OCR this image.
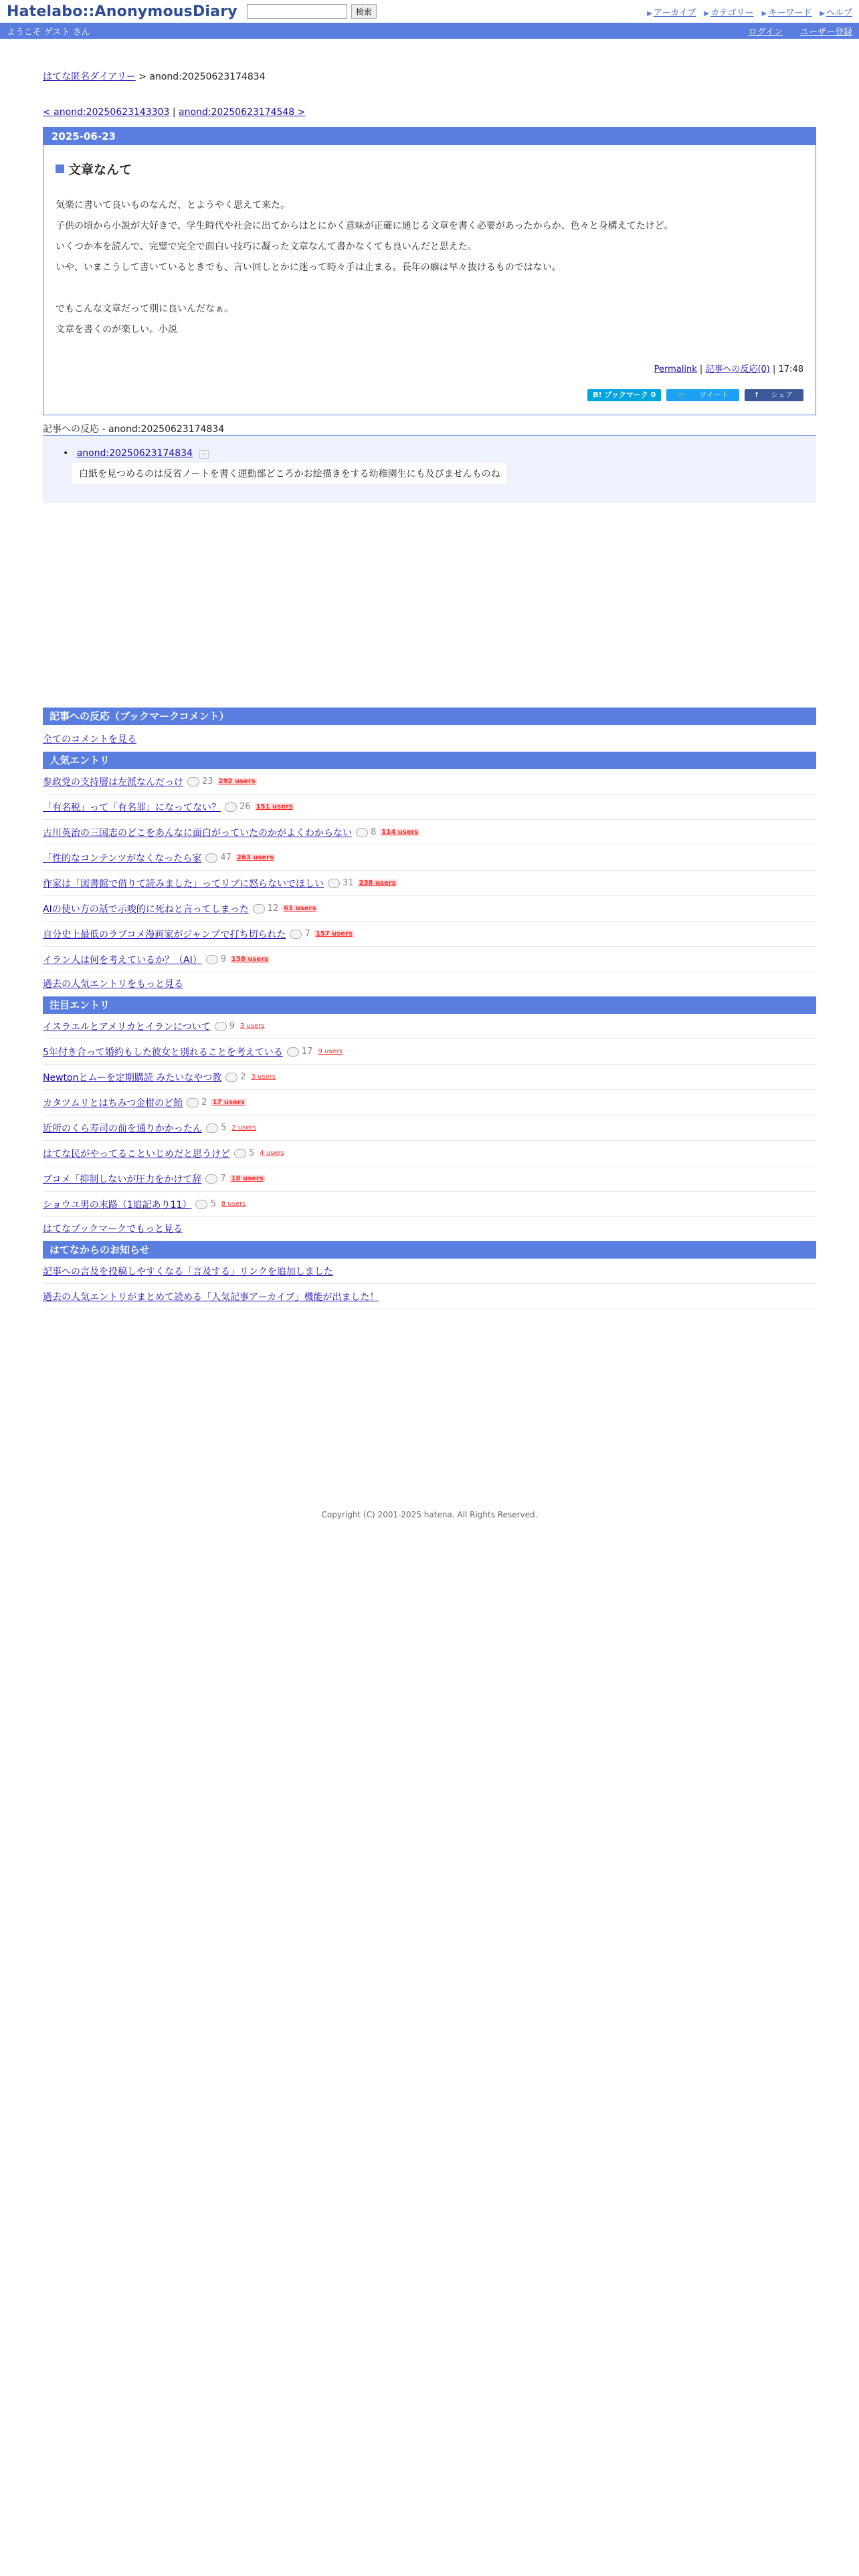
Hatelabo::AnonymousDiary	検索	▶ アーカイブ ▶ カテゴリー ▶ キーワード ▶ ヘルプ
ようこそ ゲスト さん	ログイン ユーザー登録
はてな匿名ダイアリー > anond:20250623174834
< anond:20250623143303 | anond:20250623174548 >
2025-06-23
文章なんて
気楽に書いて良いものなんだ、とようやく思えて来た。
子供の頃から小説が大好きで、学生時代や社会に出てからはとにかく意味が正確に通じる文章を書く必要があったからか、色々と身構えてたけど。
いくつか本を読んで、完璧で完全で面白い技巧に凝った文章なんて書かなくても良いんだと思えた。
いや、いまこうして書いているときでも、言い回しとかに迷って時々手は止まる。長年の癖は早々抜けるものではない。
でもこんな文章だって別に良いんだなぁ。
文章を書くのが楽しい。小説
Permalink | 記事への反応(0) | 17:48
B! ブックマーク 0	🐦 ツイート	f シェア
記事への反応 - anond:20250623174834
• anond:20250623174834 -
白紙を見つめるのは反省ノートを書く運動部どころかお絵描きをする幼稚園生にも及びませんものね
記事への反応（ブックマークコメント）
全てのコメントを見る
人気エントリ
参政党の支持層は左派なんだっけ 23 292 users
「有名税」って「有名罪」になってない？ 26 151 users
古川英治の三国志のどこをあんなに面白がっていたのかがよくわからない 8 114 users
「性的なコンテンツがなくなったら家 47 263 users
作家は「図書館で借りて読みました」ってリプに怒らないでほしい 31 238 users
AIの使い方の話で示唆的に死ねと言ってしまった 12 61 users
自分史上最低のラブコメ漫画家がジャンプで打ち切られた 7 157 users
イラン人は何を考えているか？（AI） 9 158 users
過去の人気エントリをもっと見る
注目エントリ
イスラエルとアメリカとイランについて 9 3 users
5年付き合って婚約もした彼女と別れることを考えている 17 9 users
Newtonとムーを定期購読 みたいなやつ教 2 3 users
カタツムリとはちみつ金柑のど飴 2 17 users
近所のくら寿司の前を通りかかったん 5 2 users
はてな民がやってることいじめだと思うけど 5 4 users
ブコメ「抑制しないが圧力をかけて辞 7 18 users
ショウユ男の末路（1追記あり11） 5 8 users
はてなブックマークでもっと見る
はてなからのお知らせ
記事への言及を投稿しやすくなる「言及する」リンクを追加しました
過去の人気エントリがまとめて読める「人気記事アーカイブ」機能が出ました！
Copyright (C) 2001-2025 hatena. All Rights Reserved.
